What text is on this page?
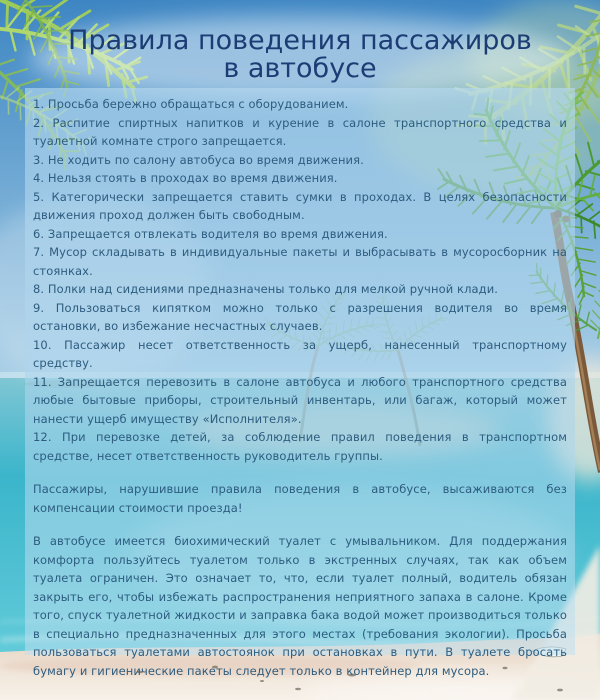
Правила поведения пассажиров
в автобусе
1. Просьба бережно обращаться с оборудованием.
2. Распитие спиртных напитков и курение в салоне транспортного средства и туалетной комнате строго запрещается.
3. Не ходить по салону автобуса во время движения.
4. Нельзя стоять в проходах во время движения.
5. Категорически запрещается ставить сумки в проходах. В целях безопасности движения проход должен быть свободным.
6. Запрещается отвлекать водителя во время движения.
7. Мусор складывать в индивидуальные пакеты и выбрасывать в мусоросборник на стоянках.
8. Полки над сидениями предназначены только для мелкой ручной клади.
9. Пользоваться кипятком можно только с разрешения водителя во время остановки, во избежание несчастных случаев.
10. Пассажир несет ответственность за ущерб, нанесенный транспортному средству.
11. Запрещается перевозить в салоне автобуса и любого транспортного средства любые бытовые приборы, строительный инвентарь, или багаж, который может нанести ущерб имуществу «Исполнителя».
12. При перевозке детей, за соблюдение правил поведения в транспортном средстве, несет ответственность руководитель группы.

Пассажиры, нарушившие правила поведения в автобусе, высаживаются без компенсации стоимости проезда!

В автобусе имеется биохимический туалет с умывальником. Для поддержания комфорта пользуйтесь туалетом только в экстренных случаях, так как объем туалета ограничен. Это означает то, что, если туалет полный, водитель обязан закрыть его, чтобы избежать распространения неприятного запаха в салоне. Кроме того, спуск туалетной жидкости и заправка бака водой может производиться только в специально предназначенных для этого местах (требования экологии). Просьба пользоваться туалетами автостоянок при остановках в пути. В туалете бросать бумагу и гигиенические пакеты следует только в контейнер для мусора.
